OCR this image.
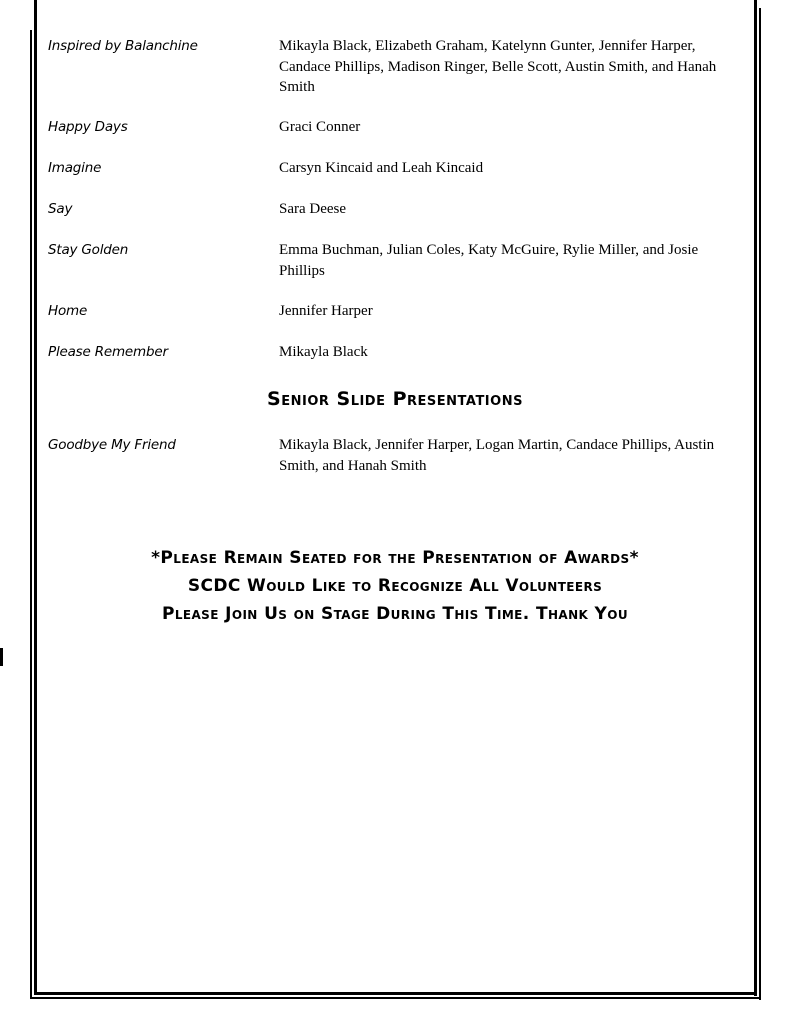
Inspired by Balanchine	Mikayla Black, Elizabeth Graham, Katelynn Gunter, Jennifer Harper, Candace Phillips, Madison Ringer, Belle Scott, Austin Smith, and Hanah Smith
Happy Days	Graci Conner
Imagine	Carsyn Kincaid and Leah Kincaid
Say	Sara Deese
Stay Golden	Emma Buchman, Julian Coles, Katy McGuire, Rylie Miller, and Josie Phillips
Home	Jennifer Harper
Please Remember	Mikayla Black
Senior Slide Presentations
Goodbye My Friend	Mikayla Black, Jennifer Harper, Logan Martin, Candace Phillips, Austin Smith, and Hanah Smith
*Please Remain Seated for the Presentation of Awards*
SCDC Would Like to Recognize All Volunteers
Please Join Us on Stage During This Time. Thank You
